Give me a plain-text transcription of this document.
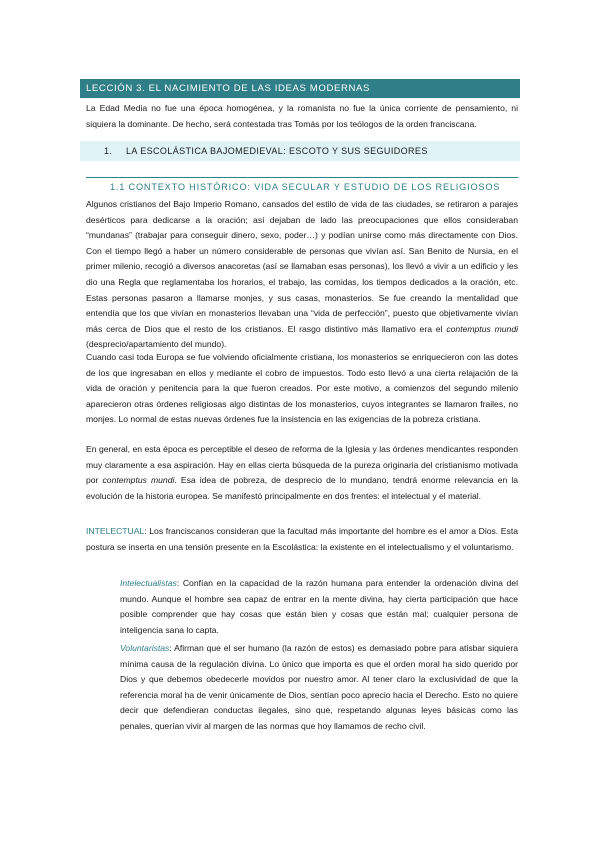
LECCIÓN 3. EL NACIMIENTO DE LAS IDEAS MODERNAS

La Edad Media no fue una época homogénea, y la romanista no fue la única corriente de pensamiento, ni siquiera la dominante. De hecho, será contestada tras Tomás por los teólogos de la orden franciscana.

1. LA ESCOLÁSTICA BAJOMEDIEVAL: ESCOTO Y SUS SEGUIDORES
1.1 CONTEXTO HISTÓRICO: VIDA SECULAR Y ESTUDIO DE LOS RELIGIOSOS

Algunos cristianos del Bajo Imperio Romano, cansados del estilo de vida de las ciudades, se retiraron a parajes desérticos para dedicarse a la oración; así dejaban de lado las preocupaciones que ellos consideraban “mundanas” (trabajar para conseguir dinero, sexo, poder…) y podían unirse como más directamente con Dios. Con el tiempo llegó a haber un número considerable de personas que vivían así. San Benito de Nursia, en el primer milenio, recogió a diversos anacoretas (así se llamaban esas personas), los llevó a vivir a un edificio y les dio una Regla que reglamentaba los horarios, el trabajo, las comidas, los tiempos dedicados a la oración, etc. Estas personas pasaron a llamarse monjes, y sus casas, monasterios. Se fue creando la mentalidad que entendía que los que vivían en monasterios llevaban una “vida de perfección”, puesto que objetivamente vivían más cerca de Dios que el resto de los cristianos. El rasgo distintivo más llamativo era el contemptus mundi (desprecio/apartamiento del mundo).

Cuando casi toda Europa se fue volviendo oficialmente cristiana, los monasterios se enriquecieron con las dotes de los que ingresaban en ellos y mediante el cobro de impuestos. Todo esto llevó a una cierta relajación de la vida de oración y penitencia para la que fueron creados. Por este motivo, a comienzos del segundo milenio aparecieron otras órdenes religiosas algo distintas de los monasterios, cuyos integrantes se llamaron frailes, no monjes. Lo normal de estas nuevas órdenes fue la insistencia en las exigencias de la pobreza cristiana.

En general, en esta época es perceptible el deseo de reforma de la Iglesia y las órdenes mendicantes responden muy claramente a esa aspiración. Hay en ellas cierta búsqueda de la pureza originaria del cristianismo motivada por contemptus mundi. Esa idea de pobreza, de desprecio de lo mundano, tendrá enorme relevancia en la evolución de la historia europea. Se manifestó principalmente en dos frentes: el intelectual y el material.

INTELECTUAL: Los franciscanos consideran que la facultad más importante del hombre es el amor a Dios. Esta postura se inserta en una tensión presente en la Escolástica: la existente en el intelectualismo y el voluntarismo.

Intelectualistas: Confían en la capacidad de la razón humana para entender la ordenación divina del mundo. Aunque el hombre sea capaz de entrar en la mente divina, hay cierta participación que hace posible comprender que hay cosas que están bien y cosas que están mal; cualquier persona de inteligencia sana lo capta.

Voluntaristas: Afirman que el ser humano (la razón de estos) es demasiado pobre para atisbar siquiera mínima causa de la regulación divina. Lo único que importa es que el orden moral ha sido querido por Dios y que debemos obedecerle movidos por nuestro amor. Al tener claro la exclusividad de que la referencia moral ha de venir únicamente de Dios, sentían poco aprecio hacia el Derecho. Esto no quiere decir que defendieran conductas ilegales, sino que, respetando algunas leyes básicas como las penales, querían vivir al margen de las normas que hoy llamamos de recho civil.
